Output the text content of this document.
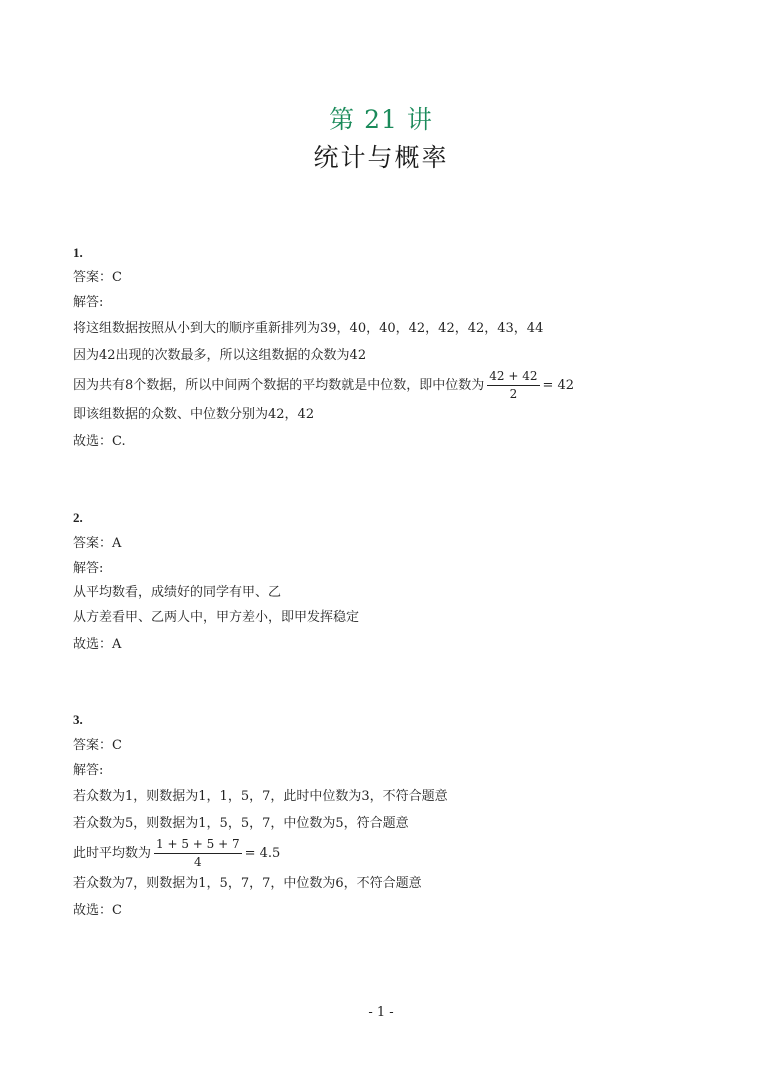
第 21 讲
统计与概率
1.
答案：C
解答:
将这组数据按照从小到大的顺序重新排列为39，40，40，42，42，42，43，44
因为42出现的次数最多，所以这组数据的众数为42
因为共有8个数据，所以中间两个数据的平均数就是中位数，即中位数为 $\frac{42 + 42}{2} = 42$
即该组数据的众数、中位数分别为42，42
故选：C.
2.
答案：A
解答:
从平均数看，成绩好的同学有甲、乙
从方差看甲、乙两人中，甲方差小，即甲发挥稳定
故选：A
3.
答案：C
解答:
若众数为1，则数据为1，1，5，7，此时中位数为3，不符合题意
若众数为5，则数据为1，5，5，7，中位数为5，符合题意
此时平均数为 $\frac{1 + 5 + 5 + 7}{4} = 4.5$
若众数为7，则数据为1，5，7，7，中位数为6，不符合题意
故选：C
- 1 -
